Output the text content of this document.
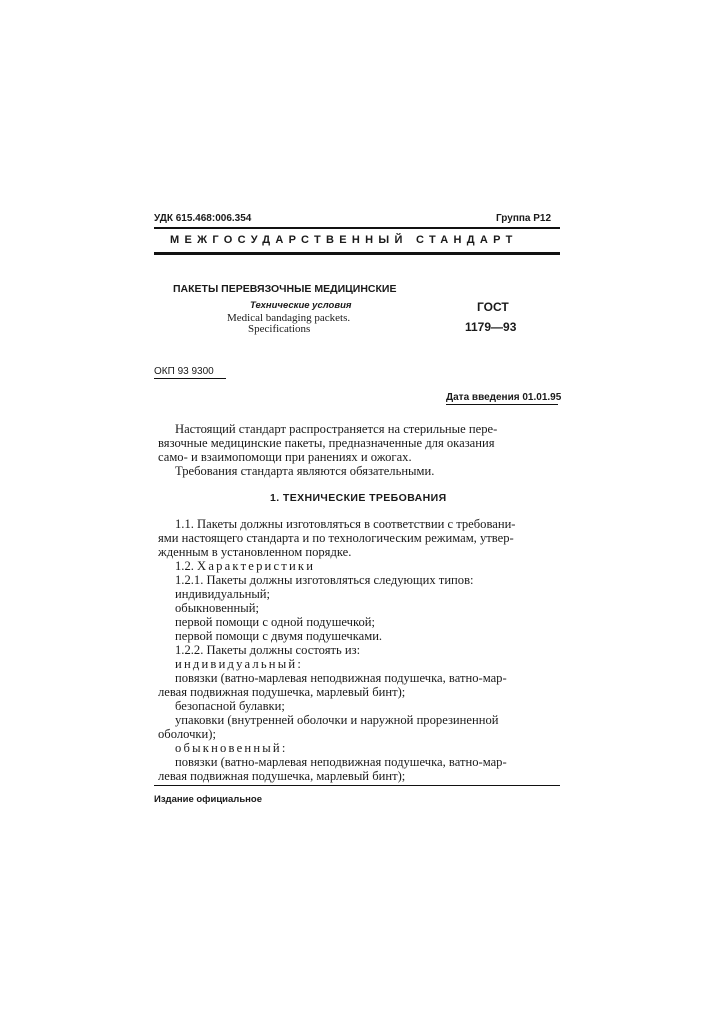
УДК 615.468:006.354	Группа Р12
МЕЖГОСУДАРСТВЕННЫЙ СТАНДАРТ
ПАКЕТЫ ПЕРЕВЯЗОЧНЫЕ МЕДИЦИНСКИЕ
Технические условия
Medical bandaging packets.
Specifications
ГОСТ
1179—93
ОКП 93 9300
Дата введения 01.01.95
Настоящий стандарт распространяется на стерильные пере-
вязочные медицинские пакеты, предназначенные для оказания
само- и взаимопомощи при ранениях и ожогах.
Требования стандарта являются обязательными.
1. ТЕХНИЧЕСКИЕ ТРЕБОВАНИЯ
1.1. Пакеты должны изготовляться в соответствии с требовани-
ями настоящего стандарта и по технологическим режимам, утвер-
жденным в установленном порядке.
1.2. Характеристики
1.2.1. Пакеты должны изготовляться следующих типов:
индивидуальный;
обыкновенный;
первой помощи с одной подушечкой;
первой помощи с двумя подушечками.
1.2.2. Пакеты должны состоять из:
индивидуальный:
повязки (ватно-марлевая неподвижная подушечка, ватно-мар-
левая подвижная подушечка, марлевый бинт);
безопасной булавки;
упаковки (внутренней оболочки и наружной прорезиненной
оболочки);
обыкновенный:
повязки (ватно-марлевая неподвижная подушечка, ватно-мар-
левая подвижная подушечка, марлевый бинт);
Издание официальное
